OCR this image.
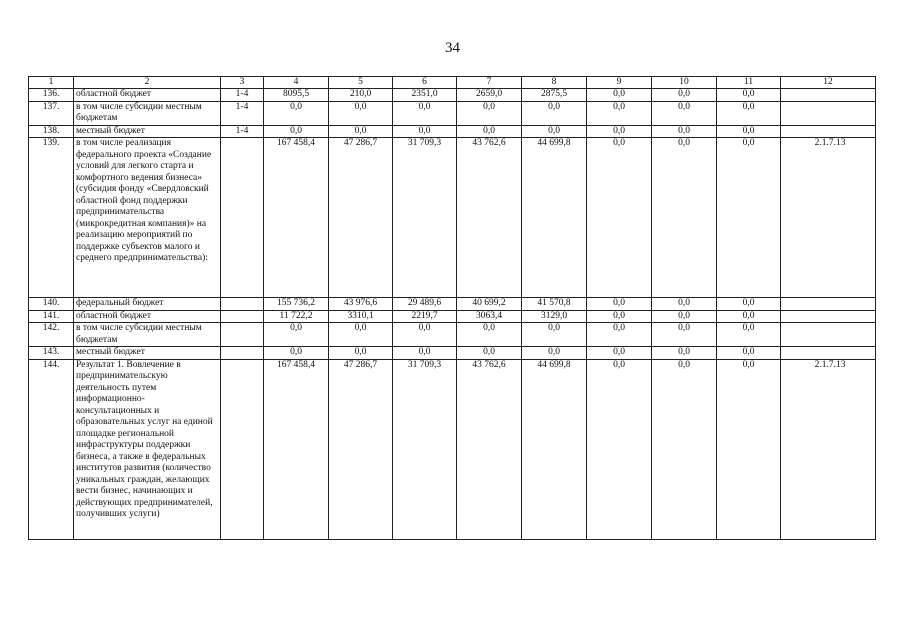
34
1	2	3	4	5	6	7	8	9	10	11	12
136.	областной бюджет	1-4	8095,5	210,0	2351,0	2659,0	2875,5	0,0	0,0	0,0	
137.	в том числе субсидии местным бюджетам	1-4	0,0	0,0	0,0	0,0	0,0	0,0	0,0	0,0	
138.	местный бюджет	1-4	0,0	0,0	0,0	0,0	0,0	0,0	0,0	0,0	
139.	в том числе реализация федерального проекта «Создание условий для легкого старта и комфортного ведения бизнеса» (субсидия фонду «Свердловский областной фонд поддержки предпринимательства (микрокредитная компания)» на реализацию мероприятий по поддержке субъектов малого и среднего предпринимательства):		167 458,4	47 286,7	31 709,3	43 762,6	44 699,8	0,0	0,0	0,0	2.1.7.13
140.	федеральный бюджет		155 736,2	43 976,6	29 489,6	40 699,2	41 570,8	0,0	0,0	0,0	
141.	областной бюджет		11 722,2	3310,1	2219,7	3063,4	3129,0	0,0	0,0	0,0	
142.	в том числе субсидии местным бюджетам		0,0	0,0	0,0	0,0	0,0	0,0	0,0	0,0	
143.	местный бюджет		0,0	0,0	0,0	0,0	0,0	0,0	0,0	0,0	
144.	Результат 1. Вовлечение в предпринимательскую деятельность путем информационно-консультационных и образовательных услуг на единой площадке региональной инфраструктуры поддержки бизнеса, а также в федеральных институтов развития (количество уникальных граждан, желающих вести бизнес, начинающих и действующих предпринимателей, получивших услуги)		167 458,4	47 286,7	31 709,3	43 762,6	44 699,8	0,0	0,0	0,0	2.1.7.13
